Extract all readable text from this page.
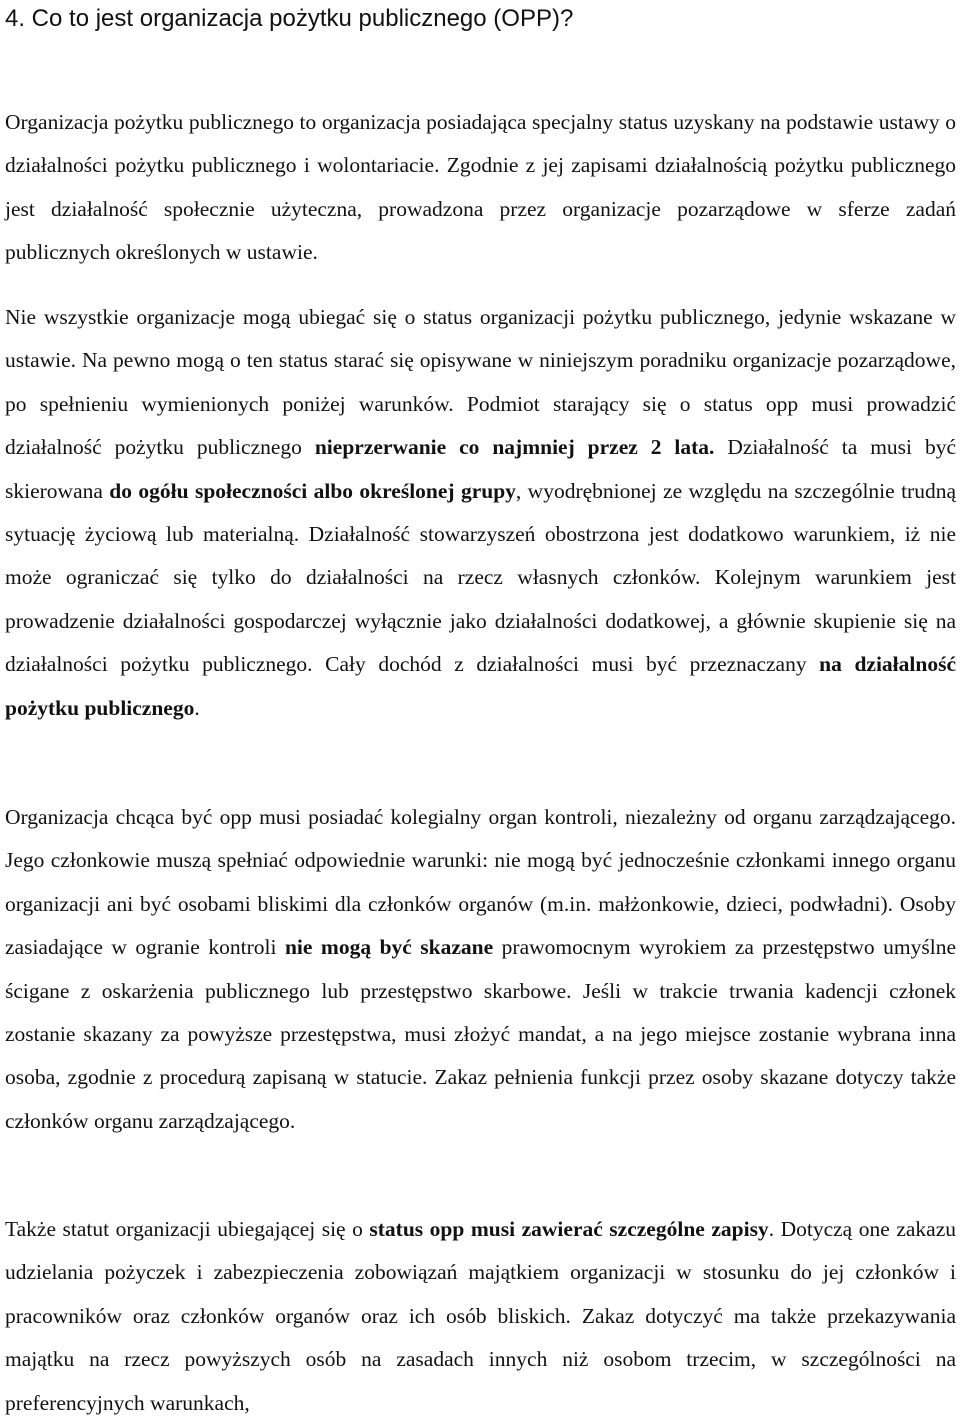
4. Co to jest organizacja pożytku publicznego (OPP)?

Organizacja pożytku publicznego to organizacja posiadająca specjalny status uzyskany na podstawie ustawy o działalności pożytku publicznego i wolontariacie. Zgodnie z jej zapisami działalnością pożytku publicznego jest działalność społecznie użyteczna, prowadzona przez organizacje pozarządowe w sferze zadań publicznych określonych w ustawie.

Nie wszystkie organizacje mogą ubiegać się o status organizacji pożytku publicznego, jedynie wskazane w ustawie. Na pewno mogą o ten status starać się opisywane w niniejszym poradniku organizacje pozarządowe, po spełnieniu wymienionych poniżej warunków. Podmiot starający się o status opp musi prowadzić działalność pożytku publicznego nieprzerwanie co najmniej przez 2 lata. Działalność ta musi być skierowana do ogółu społeczności albo określonej grupy, wyodrębnionej ze względu na szczególnie trudną sytuację życiową lub materialną. Działalność stowarzyszeń obostrzona jest dodatkowo warunkiem, iż nie może ograniczać się tylko do działalności na rzecz własnych członków. Kolejnym warunkiem jest prowadzenie działalności gospodarczej wyłącznie jako działalności dodatkowej, a głównie skupienie się na działalności pożytku publicznego. Cały dochód z działalności musi być przeznaczany na działalność pożytku publicznego.

Organizacja chcąca być opp musi posiadać kolegialny organ kontroli, niezależny od organu zarządzającego. Jego członkowie muszą spełniać odpowiednie warunki: nie mogą być jednocześnie członkami innego organu organizacji ani być osobami bliskimi dla członków organów (m.in. małżonkowie, dzieci, podwładni). Osoby zasiadające w ogranie kontroli nie mogą być skazane prawomocnym wyrokiem za przestępstwo umyślne ścigane z oskarżenia publicznego lub przestępstwo skarbowe. Jeśli w trakcie trwania kadencji członek zostanie skazany za powyższe przestępstwa, musi złożyć mandat, a na jego miejsce zostanie wybrana inna osoba, zgodnie z procedurą zapisaną w statucie. Zakaz pełnienia funkcji przez osoby skazane dotyczy także członków organu zarządzającego.

Także statut organizacji ubiegającej się o status opp musi zawierać szczególne zapisy. Dotyczą one zakazu udzielania pożyczek i zabezpieczenia zobowiązań majątkiem organizacji w stosunku do jej członków i pracowników oraz członków organów oraz ich osób bliskich. Zakaz dotyczyć ma także przekazywania majątku na rzecz powyższych osób na zasadach innych niż osobom trzecim, w szczególności na preferencyjnych warunkach,
